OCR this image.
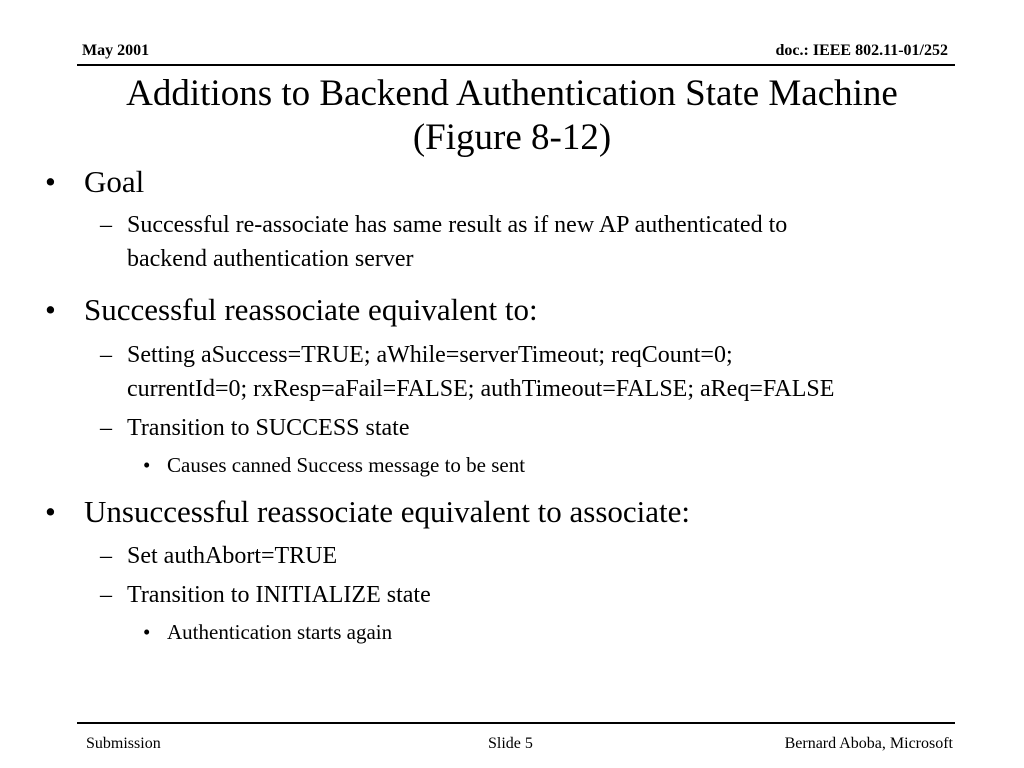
May 2001	doc.: IEEE 802.11-01/252
Additions to Backend Authentication State Machine
(Figure 8-12)
• Goal
– Successful re-associate has same result as if new AP authenticated to
backend authentication server
• Successful reassociate equivalent to:
– Setting aSuccess=TRUE; aWhile=serverTimeout; reqCount=0;
currentId=0; rxResp=aFail=FALSE; authTimeout=FALSE; aReq=FALSE
– Transition to SUCCESS state
• Causes canned Success message to be sent
• Unsuccessful reassociate equivalent to associate:
– Set authAbort=TRUE
– Transition to INITIALIZE state
• Authentication starts again
Submission	Slide 5	Bernard Aboba, Microsoft
